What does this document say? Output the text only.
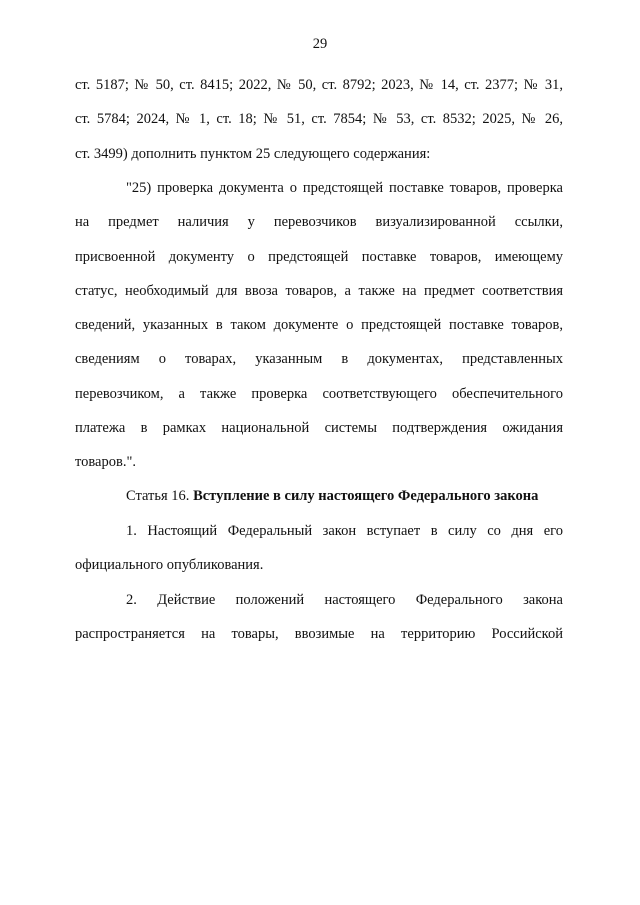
29
ст. 5187; № 50, ст. 8415; 2022, № 50, ст. 8792; 2023, № 14, ст. 2377; № 31,
ст. 5784; 2024, № 1, ст. 18; № 51, ст. 7854; № 53, ст. 8532; 2025, № 26,
ст. 3499) дополнить пунктом 25 следующего содержания:
"25) проверка документа о предстоящей поставке товаров, проверка
на предмет наличия у перевозчиков визуализированной ссылки,
присвоенной документу о предстоящей поставке товаров, имеющему
статус, необходимый для ввоза товаров, а также на предмет соответствия
сведений, указанных в таком документе о предстоящей поставке товаров,
сведениям о товарах, указанным в документах, представленных
перевозчиком, а также проверка соответствующего обеспечительного
платежа в рамках национальной системы подтверждения ожидания
товаров.".
Статья 16. Вступление в силу настоящего Федерального закона
1. Настоящий Федеральный закон вступает в силу со дня его
официального опубликования.
2. Действие положений настоящего Федерального закона
распространяется на товары, ввозимые на территорию Российской
